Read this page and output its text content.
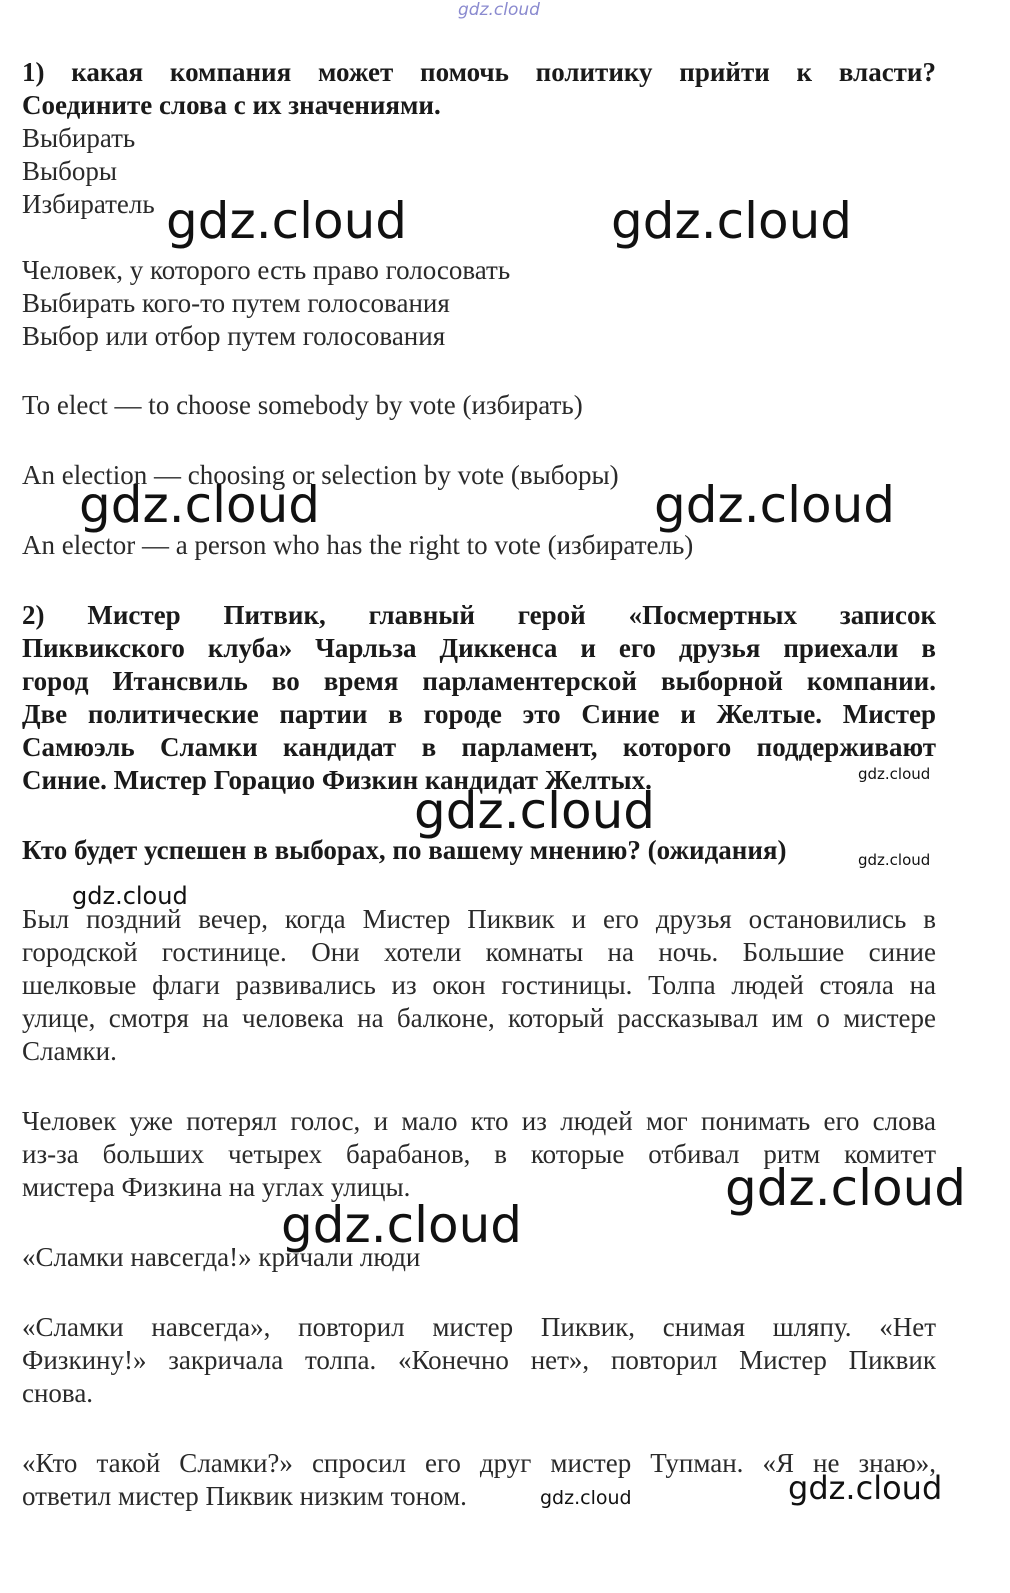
gdz.cloud
1) какая компания может помочь политику прийти к власти?
Соедините слова с их значениями.
Выбирать
Выборы
Избиратель
Человек, у которого есть право голосовать
Выбирать кого-то путем голосования
Выбор или отбор путем голосования
To elect — to choose somebody by vote (избирать)
An election — choosing or selection by vote (выборы)
An elector — a person who has the right to vote (избиратель)
2) Мистер Питвик, главный герой «Посмертных записок
Пиквикского клуба» Чарльза Диккенса и его друзья приехали в
город Итансвиль во время парламентерской выборной компании.
Две политические партии в городе это Синие и Желтые. Мистер
Самюэль Сламки кандидат в парламент, которого поддерживают
Синие. Мистер Горацио Физкин кандидат Желтых.
Кто будет успешен в выборах, по вашему мнению? (ожидания)
Был поздний вечер, когда Мистер Пиквик и его друзья остановились в
городской гостинице. Они хотели комнаты на ночь. Большие синие
шелковые флаги развивались из окон гостиницы. Толпа людей стояла на
улице, смотря на человека на балконе, который рассказывал им о мистере
Сламки.
Человек уже потерял голос, и мало кто из людей мог понимать его слова
из-за больших четырех барабанов, в которые отбивал ритм комитет
мистера Физкина на углах улицы.
«Сламки навсегда!» кричали люди
«Сламки навсегда», повторил мистер Пиквик, снимая шляпу. «Нет
Физкину!» закричала толпа. «Конечно нет», повторил Мистер Пиквик
снова.
«Кто такой Сламки?» спросил его друг мистер Тупман. «Я не знаю»,
ответил мистер Пиквик низким тоном.
gdz.cloud	gdz.cloud
gdz.cloud	gdz.cloud
gdz.cloud
gdz.cloud
gdz.cloud
gdz.cloud
gdz.cloud
gdz.cloud
gdz.cloud
gdz.cloud
